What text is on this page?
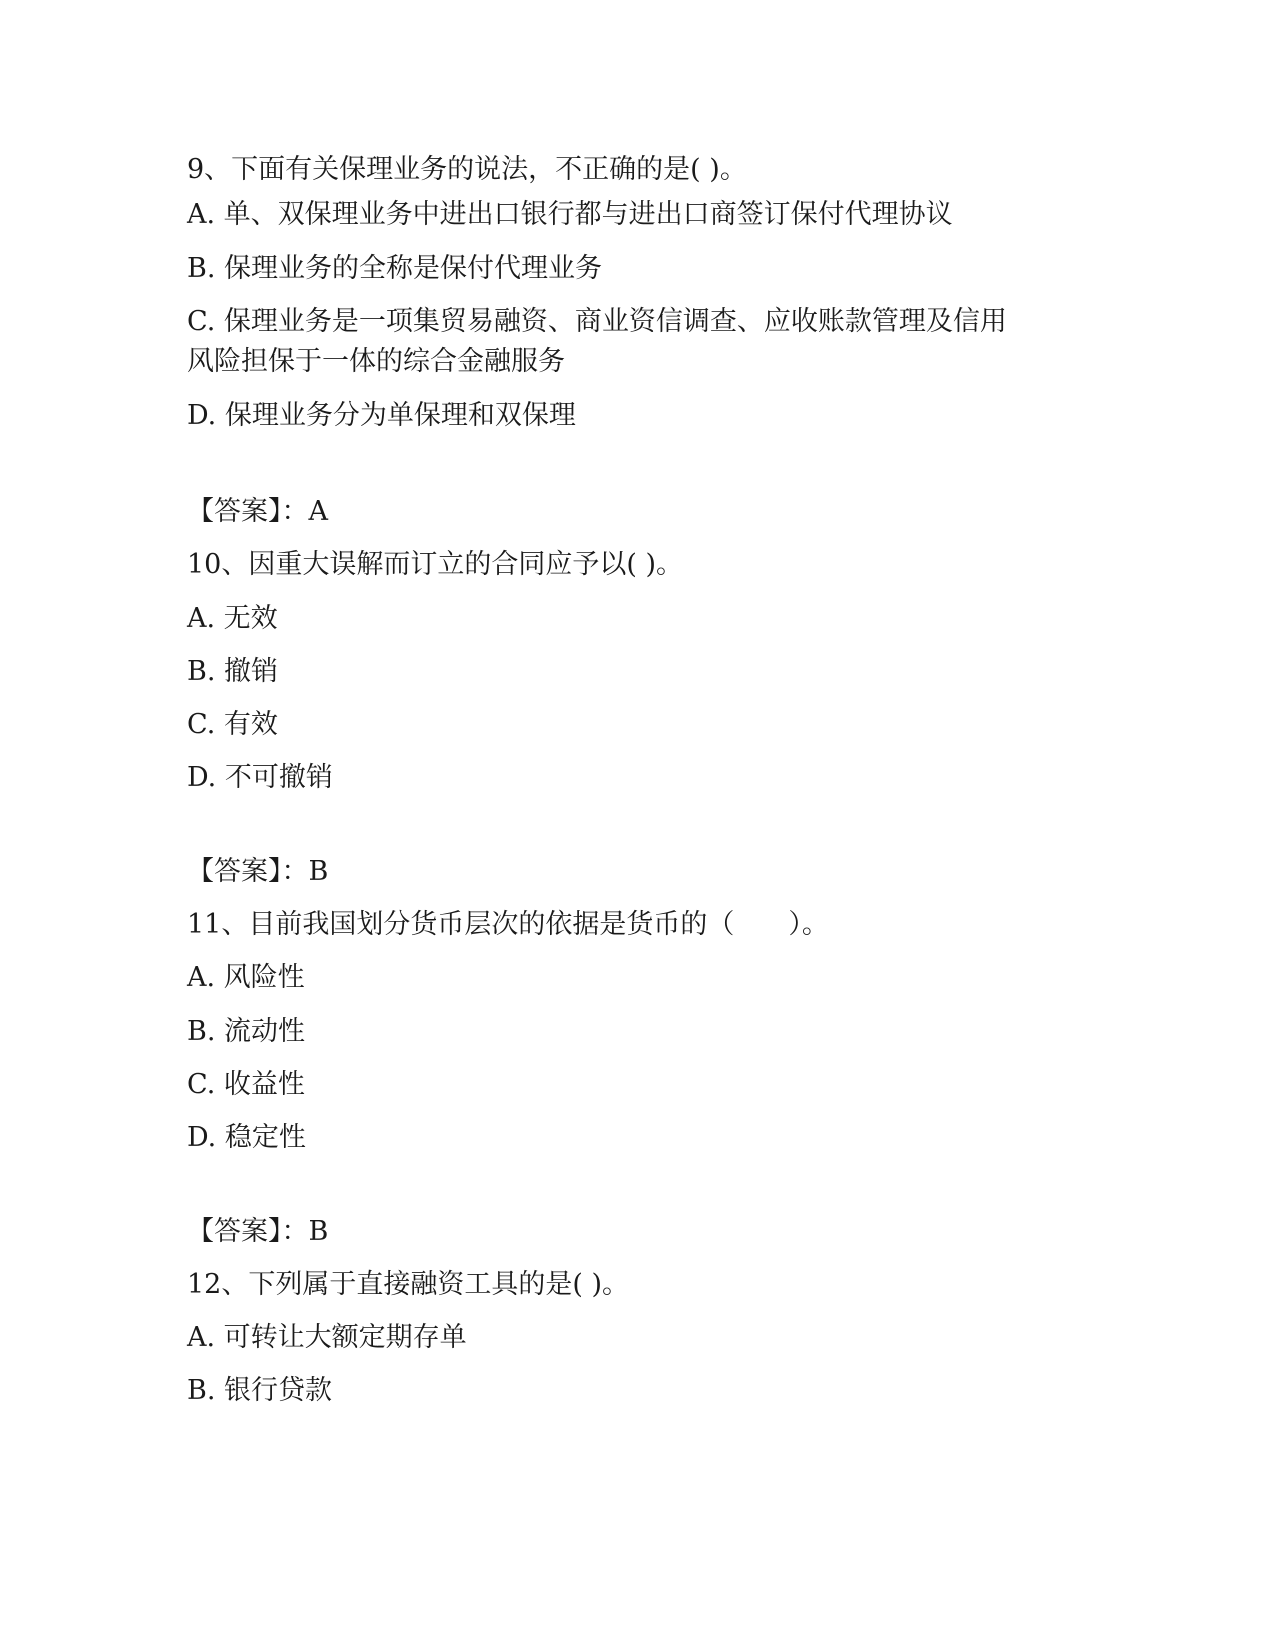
9、下面有关保理业务的说法，不正确的是( )。
A. 单、双保理业务中进出口银行都与进出口商签订保付代理协议
B. 保理业务的全称是保付代理业务
C. 保理业务是一项集贸易融资、商业资信调查、应收账款管理及信用
风险担保于一体的综合金融服务
D. 保理业务分为单保理和双保理
【答案】：A
10、因重大误解而订立的合同应予以( )。
A. 无效
B. 撤销
C. 有效
D. 不可撤销
【答案】：B
11、目前我国划分货币层次的依据是货币的（　　）。
A. 风险性
B. 流动性
C. 收益性
D. 稳定性
【答案】：B
12、下列属于直接融资工具的是( )。
A. 可转让大额定期存单
B. 银行贷款
